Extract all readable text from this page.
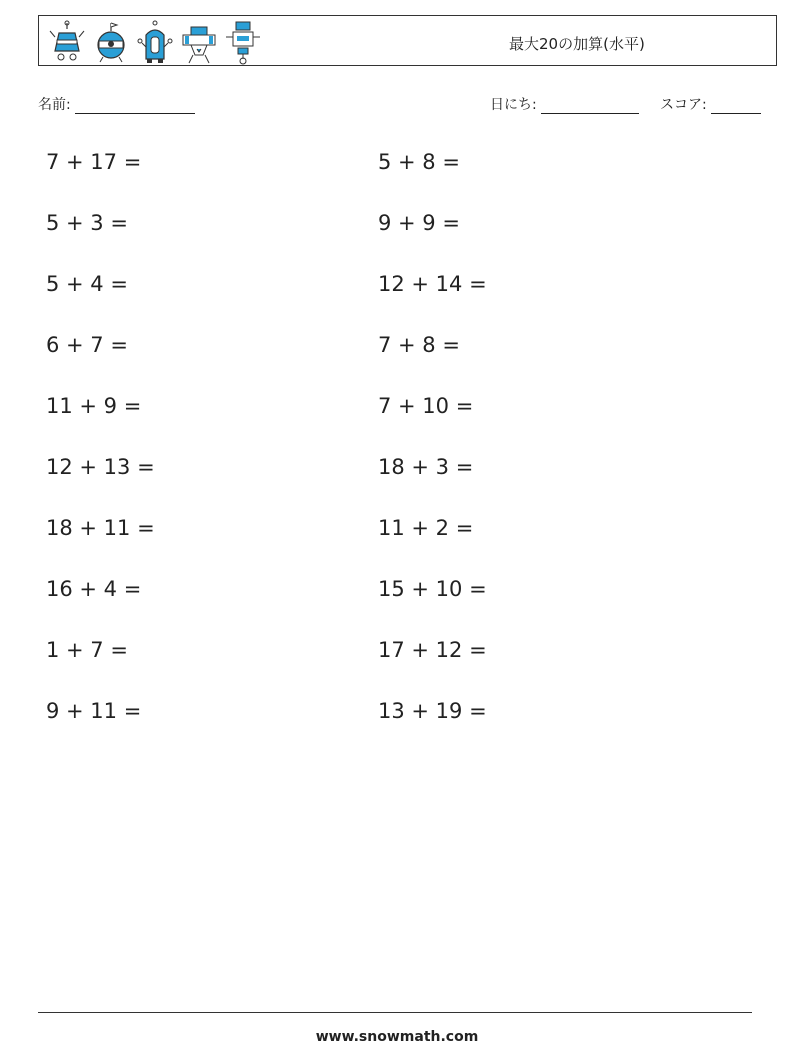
最大20の加算(水平)
名前:	日にち:	スコア:
7 + 17 =
5 + 3 =
5 + 4 =
6 + 7 =
11 + 9 =
12 + 13 =
18 + 11 =
16 + 4 =
1 + 7 =
9 + 11 =
5 + 8 =
9 + 9 =
12 + 14 =
7 + 8 =
7 + 10 =
18 + 3 =
11 + 2 =
15 + 10 =
17 + 12 =
13 + 19 =
www.snowmath.com
